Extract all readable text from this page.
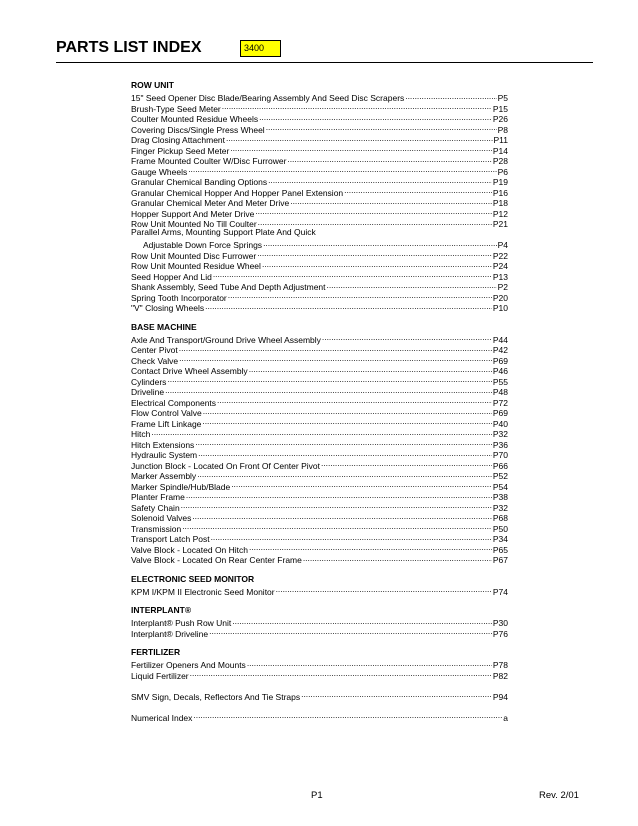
PARTS LIST INDEX	3400
ROW UNIT
15" Seed Opener Disc Blade/Bearing Assembly And Seed Disc Scrapers . . .	P5
Brush-Type Seed Meter . . .	P15
Coulter Mounted Residue Wheels . . .	P26
Covering Discs/Single Press Wheel . . .	P8
Drag Closing Attachment . . .	P11
Finger Pickup Seed Meter . . .	P14
Frame Mounted Coulter W/Disc Furrower . . .	P28
Gauge Wheels . . .	P6
Granular Chemical Banding Options . . .	P19
Granular Chemical Hopper And Hopper Panel Extension . . .	P16
Granular Chemical Meter And Meter Drive . . .	P18
Hopper Support And Meter Drive . . .	P12
Row Unit Mounted No Till Coulter . . .	P21
Parallel Arms, Mounting Support Plate And Quick
Adjustable Down Force Springs . . .	P4
Row Unit Mounted Disc Furrower . . .	P22
Row Unit Mounted Residue Wheel . . .	P24
Seed Hopper And Lid . . .	P13
Shank Assembly, Seed Tube And Depth Adjustment . . .	P2
Spring Tooth Incorporator . . .	P20
"V" Closing Wheels . . .	P10
BASE MACHINE
Axle And Transport/Ground Drive Wheel Assembly . . .	P44
Center Pivot . . .	P42
Check Valve . . .	P69
Contact Drive Wheel Assembly . . .	P46
Cylinders . . .	P55
Driveline . . .	P48
Electrical Components . . .	P72
Flow Control Valve . . .	P69
Frame Lift Linkage . . .	P40
Hitch . . .	P32
Hitch Extensions . . .	P36
Hydraulic System . . .	P70
Junction Block - Located On Front Of Center Pivot . . .	P66
Marker Assembly . . .	P52
Marker Spindle/Hub/Blade . . .	P54
Planter Frame . . .	P38
Safety Chain . . .	P32
Solenoid Valves . . .	P68
Transmission . . .	P50
Transport Latch Post . . .	P34
Valve Block - Located On Hitch . . .	P65
Valve Block - Located On Rear Center Frame . . .	P67
ELECTRONIC SEED MONITOR
KPM I/KPM II Electronic Seed Monitor . . .	P74
INTERPLANT®
Interplant® Push Row Unit . . .	P30
Interplant® Driveline . . .	P76
FERTILIZER
Fertilizer Openers And Mounts . . .	P78
Liquid Fertilizer . . .	P82
SMV Sign, Decals, Reflectors And Tie Straps . . .	P94
Numerical Index . . .	a
P1	Rev. 2/01
